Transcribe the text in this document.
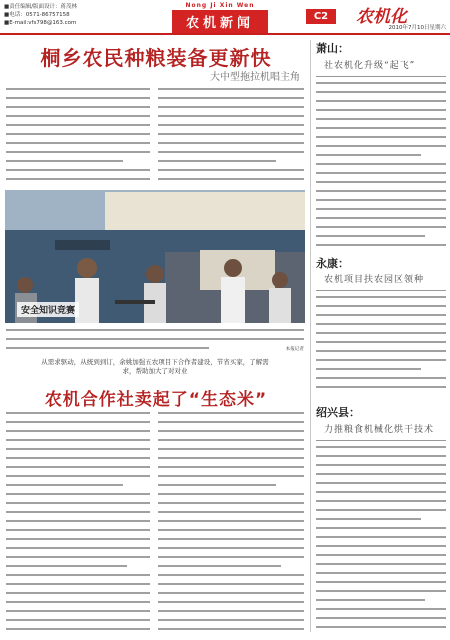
■责任编辑/版面设计：蒋茂林
■电话：0571-86757158
■E-mail:vfs798@163.com
Nong Ji Xin Wen
农机新闻	C2	农机化
2010年7月10日星期六
桐乡农民种粮装备更新快
大中型拖拉机唱主角
安全知识竞赛
本报记者
从需求驱动，从统到到订，余姚加强五农项目下合作者建设，节省买家，了解需求，帮助加大了对对业
农机合作社卖起了“生态米”
萧山：
社农机化升级“起飞”
永康：
农机项目扶农园区领种
绍兴县：
力推粮食机械化烘干技术
